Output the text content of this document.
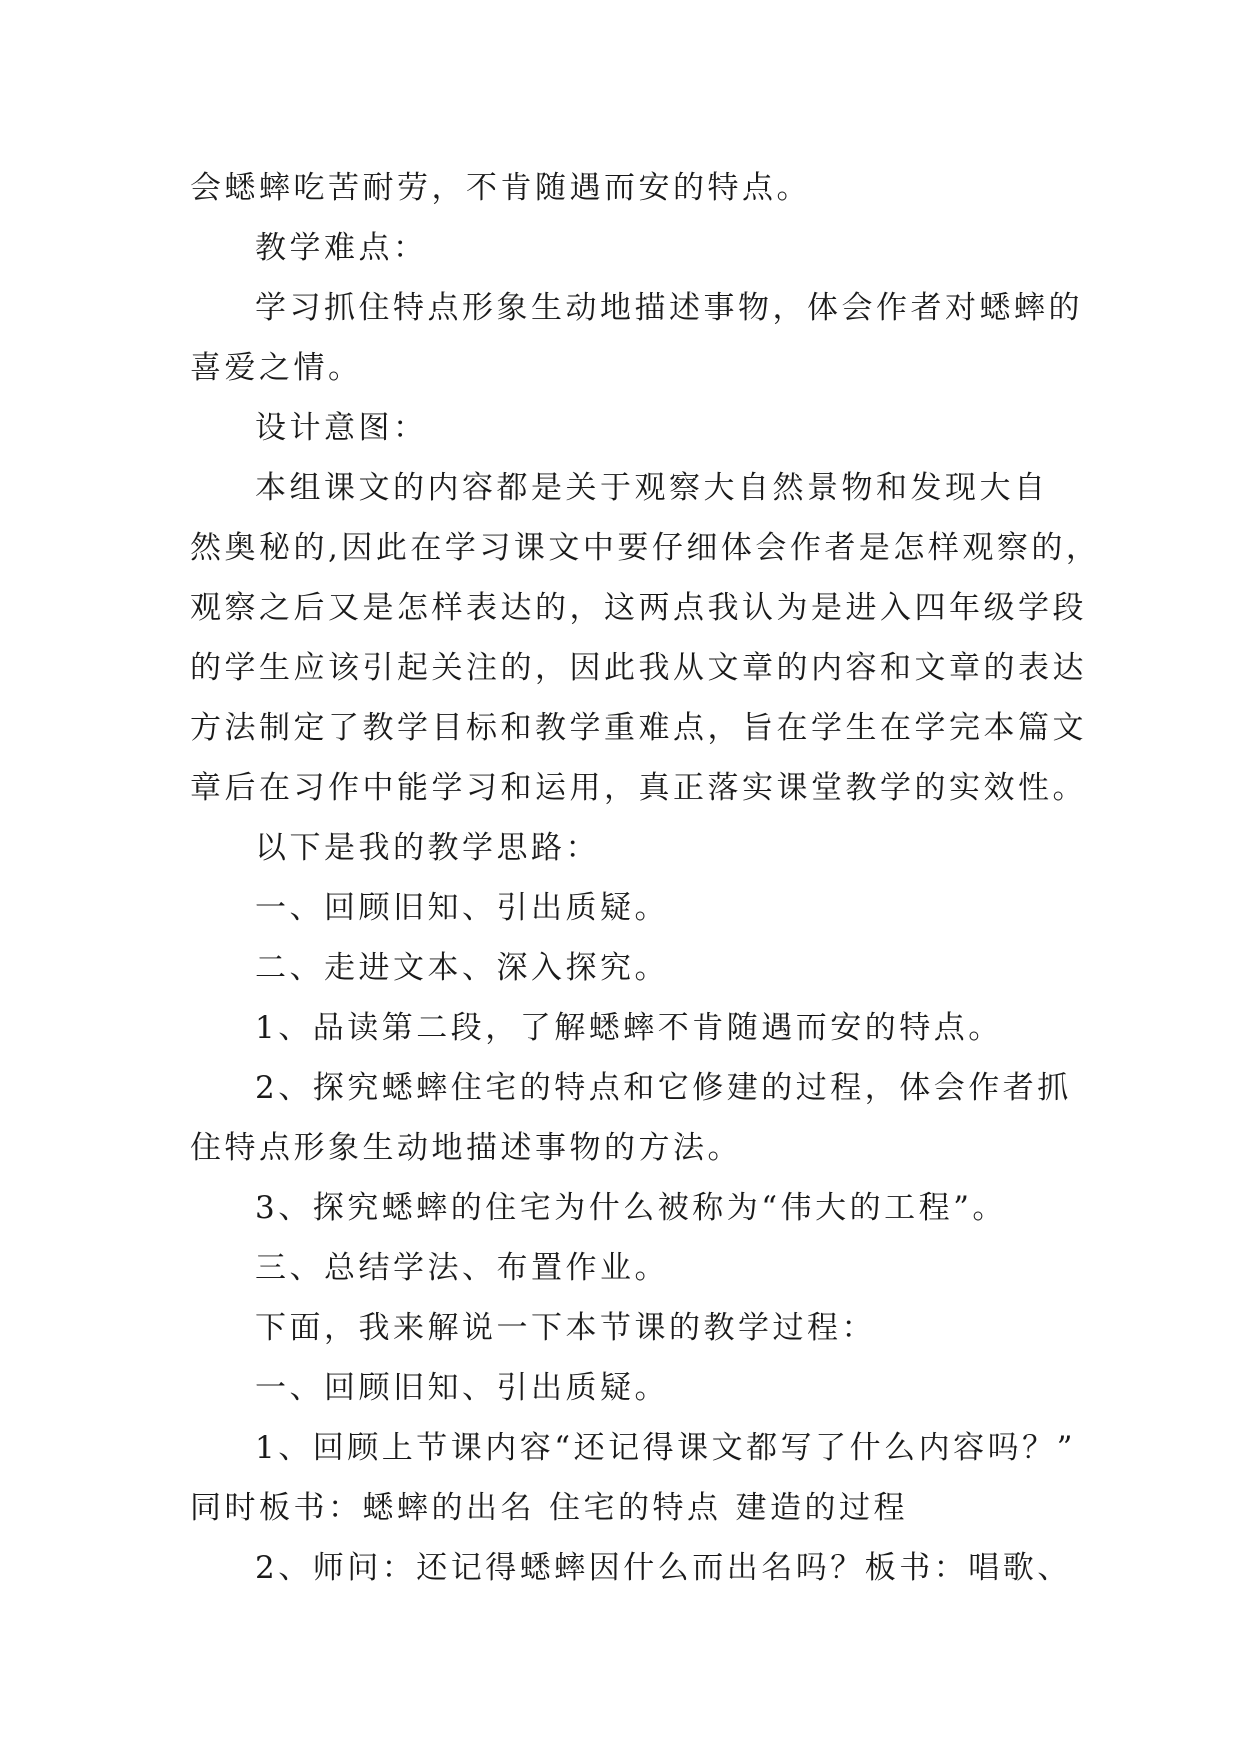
会蟋蟀吃苦耐劳，不肯随遇而安的特点。
教学难点：
学习抓住特点形象生动地描述事物，体会作者对蟋蟀的
喜爱之情。
设计意图：
本组课文的内容都是关于观察大自然景物和发现大自
然奥秘的,因此在学习课文中要仔细体会作者是怎样观察的，
观察之后又是怎样表达的，这两点我认为是进入四年级学段
的学生应该引起关注的，因此我从文章的内容和文章的表达
方法制定了教学目标和教学重难点，旨在学生在学完本篇文
章后在习作中能学习和运用，真正落实课堂教学的实效性。
以下是我的教学思路：
一、回顾旧知、引出质疑。
二、走进文本、深入探究。
1、品读第二段，了解蟋蟀不肯随遇而安的特点。
2、探究蟋蟀住宅的特点和它修建的过程，体会作者抓
住特点形象生动地描述事物的方法。
3、探究蟋蟀的住宅为什么被称为“伟大的工程”。
三、总结学法、布置作业。
下面，我来解说一下本节课的教学过程：
一、回顾旧知、引出质疑。
1、回顾上节课内容“还记得课文都写了什么内容吗？”
同时板书：蟋蟀的出名 住宅的特点 建造的过程
2、师问：还记得蟋蟀因什么而出名吗？板书：唱歌、
